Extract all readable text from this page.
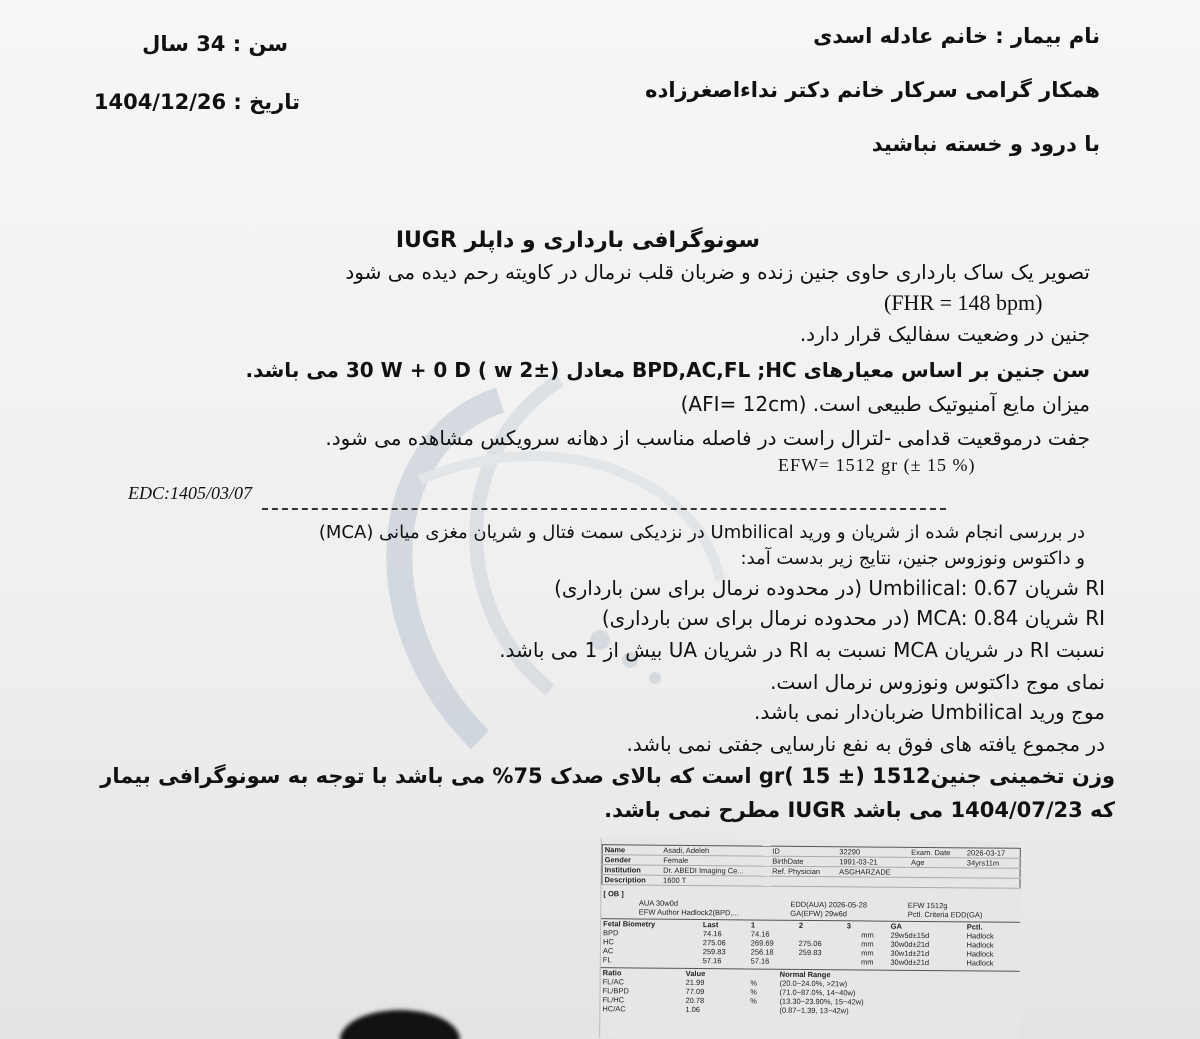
نام بیمار : خانم عادله اسدی
سن : 34 سال
همکار گرامی سرکار خانم دکتر نداءاصغرزاده
تاریخ : 1404/12/26
با درود و خسته نباشید
سونوگرافی بارداری و داپلر IUGR
تصویر یک ساک بارداری حاوی جنین زنده و ضربان قلب نرمال در کاویته رحم دیده می شود
(FHR = 148 bpm)
جنین در وضعیت سفالیک قرار دارد.
سن جنین بر اساس معیارهای BPD,AC,FL ;HC معادل (w 2± ) 30 W + 0 D می باشد.
میزان مایع آمنیوتیک طبیعی است. (AFI= 12cm)
جفت درموقعیت قدامی -لترال راست در فاصله مناسب از دهانه سرویکس مشاهده می شود.
EFW= 1512 gr (± 15 %)
EDC:1405/03/07
در بررسی انجام شده از شریان و ورید Umbilical در نزدیکی سمت فتال و شریان مغزی میانی (MCA)
و داکتوس ونوزوس جنین، نتایج زیر بدست آمد:
RI شریان Umbilical: 0.67 (در محدوده نرمال برای سن بارداری)
RI شریان MCA: 0.84 (در محدوده نرمال برای سن بارداری)
نسبت RI در شریان MCA نسبت به RI در شریان UA بیش از 1 می باشد.
نمای موج داکتوس ونوزوس نرمال است.
موج ورید Umbilical ضربان‌دار نمی باشد.
در مجموع یافته های فوق به نفع نارسایی جفتی نمی باشد.
وزن تخمینی جنینgr( 15 ±) 1512 است که بالای صدک 75% می باشد با توجه به سونوگرافی بیمار
که 1404/07/23 می باشد IUGR مطرح نمی باشد.
Name	Asadi, Adeleh	ID	32290	Exam. Date	2026-03-17
Gender	Female	BirthDate	1991-03-21	Age	34yrs11m
Institution	Dr. ABEDI Imaging Ce...	Ref. Physician	ASGHARZADE		
Description	1600 T				
[ OB ]			
	AUA 30w0d	EDD(AUA) 2026-05-28	EFW 1512g
	EFW Author Hadlock2(BPD,...	GA(EFW) 29w6d	Pctl. Criteria EDD(GA)
Fetal Biometry	Last	1	2	3		GA	Pctl.
BPD	74.16	74.16			mm	29w5d±15d	Hadlock
HC	275.06	269.69	275.06		mm	30w0d±21d	Hadlock
AC	259.83	256.18	259.83		mm	30w1d±21d	Hadlock
FL	57.16	57.16			mm	30w0d±21d	Hadlock
Ratio	Value		Normal Range
FL/AC	21.99	%	(20.0~24.0%, >21w)
FL/BPD	77.09	%	(71.0~87.0%, 14~40w)
FL/HC	20.78	%	(13.30~23.90%, 15~42w)
HC/AC	1.06		(0.87~1.39, 13~42w)
